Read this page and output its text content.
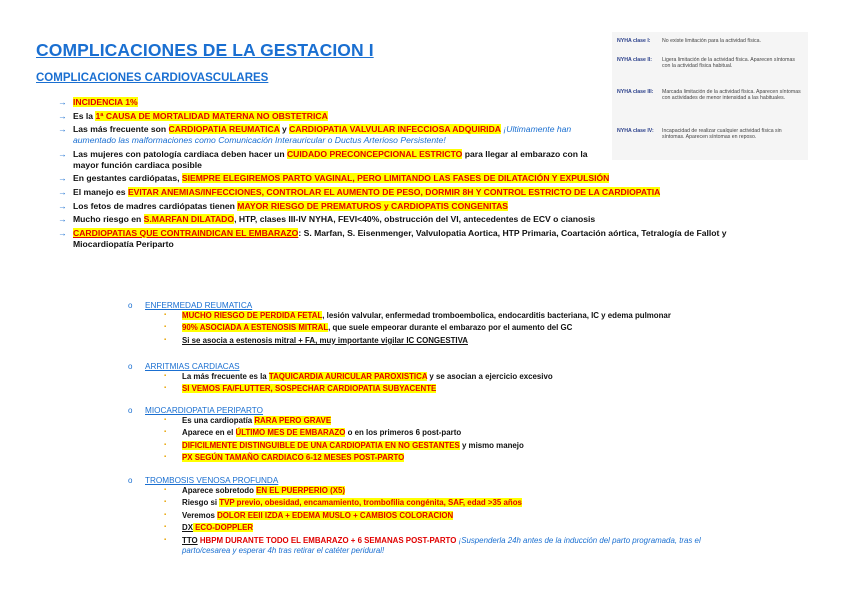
COMPLICACIONES DE LA GESTACION I
COMPLICACIONES CARDIOVASCULARES
NYHA clase I:	No existe limitación para la actividad física.
NYHA clase II:	Ligera limitación de la actividad física. Aparecen síntomas con la actividad física habitual.
NYHA clase III:	Marcada limitación de la actividad física. Aparecen síntomas con actividades de menor intensidad a las habituales.
NYHA clase IV:	Incapacidad de realizar cualquier actividad física sin síntomas. Aparecen síntomas en reposo.
→ INCIDENCIA 1%
→ Es la 1ª CAUSA DE MORTALIDAD MATERNA NO OBSTETRICA
→ Las más frecuente son CARDIOPATIA REUMATICA y CARDIOPATIA VALVULAR INFECCIOSA ADQUIRIDA ¡Ultimamente han aumentado las malformaciones como Comunicación Interauricular o Ductus Arterioso Persistente!
→ Las mujeres con patología cardiaca deben hacer un CUIDADO PRECONCEPCIONAL ESTRICTO para llegar al embarazo con la mayor función cardiaca posible
→ En gestantes cardiópatas, SIEMPRE ELEGIREMOS PARTO VAGINAL, PERO LIMITANDO LAS FASES DE DILATACIÓN Y EXPULSIÓN
→ El manejo es EVITAR ANEMIAS/INFECCIONES, CONTROLAR EL AUMENTO DE PESO, DORMIR 8H Y CONTROL ESTRICTO DE LA CARDIOPATIA
→ Los fetos de madres cardiópatas tienen MAYOR RIESGO DE PREMATUROS y CARDIOPATIS CONGENITAS
→ Mucho riesgo en S.MARFAN DILATADO, HTP, clases III-IV NYHA, FEVI<40%, obstrucción del VI, antecedentes de ECV o cianosis
→ CARDIOPATIAS QUE CONTRAINDICAN EL EMBARAZO: S. Marfan, S. Eisenmenger, Valvulopatia Aortica, HTP Primaria, Coartación aórtica, Tetralogía de Fallot y Miocardiopatía Periparto
o ENFERMEDAD REUMATICA
▪ MUCHO RIESGO DE PERDIDA FETAL, lesión valvular, enfermedad tromboembolica, endocarditis bacteriana, IC y edema pulmonar
▪ 90% ASOCIADA A ESTENOSIS MITRAL, que suele empeorar durante el embarazo por el aumento del GC
▪ Si se asocia a estenosis mitral + FA, muy importante vigilar IC CONGESTIVA
o ARRITMIAS CARDIACAS
▪ La más frecuente es la TAQUICARDIA AURICULAR PAROXISTICA y se asocian a ejercicio excesivo
▪ SI VEMOS FA/FLUTTER, SOSPECHAR CARDIOPATIA SUBYACENTE
o MIOCARDIOPATIA PERIPARTO
▪ Es una cardiopatía RARA PERO GRAVE
▪ Aparece en el ÚLTIMO MES DE EMBARAZO o en los primeros 6 post-parto
▪ DIFICILMENTE DISTINGUIBLE DE UNA CARDIOPATIA EN NO GESTANTES y mismo manejo
▪ PX SEGÚN TAMAÑO CARDIACO 6-12 MESES POST-PARTO
o TROMBOSIS VENOSA PROFUNDA
▪ Aparece sobretodo EN EL PUERPERIO (X5)
▪ Riesgo si TVP previo, obesidad, encamamiento, trombofilia congénita, SAF, edad >35 años
▪ Veremos DOLOR EEII IZDA + EDEMA MUSLO + CAMBIOS COLORACION
▪ DX ECO-DOPPLER
▪ TTO HBPM DURANTE TODO EL EMBARAZO + 6 SEMANAS POST-PARTO ¡Suspenderla 24h antes de la inducción del parto programada, tras el parto/cesarea y esperar 4h tras retirar el catéter peridural!
